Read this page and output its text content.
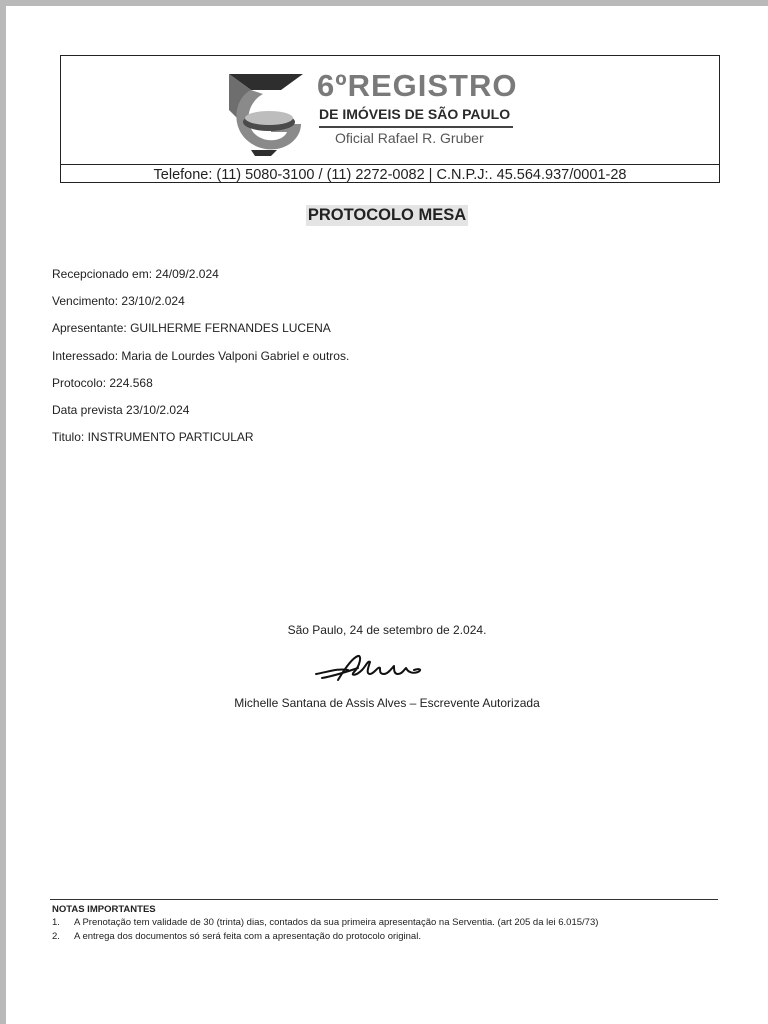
6ºREGISTRO
DE IMÓVEIS DE SÃO PAULO
Oficial Rafael R. Gruber
Telefone: (11) 5080-3100 / (11) 2272-0082 | C.N.P.J:. 45.564.937/0001-28
PROTOCOLO MESA
Recepcionado em: 24/09/2.024
Vencimento: 23/10/2.024
Apresentante: GUILHERME FERNANDES LUCENA
Interessado: Maria de Lourdes Valponi Gabriel e outros.
Protocolo: 224.568
Data prevista 23/10/2.024
Titulo: INSTRUMENTO PARTICULAR
São Paulo, 24 de setembro de 2.024.
Michelle Santana de Assis Alves – Escrevente Autorizada
NOTAS IMPORTANTES
1. A Prenotação tem validade de 30 (trinta) dias, contados da sua primeira apresentação na Serventia. (art 205 da lei 6.015/73)
2. A entrega dos documentos só será feita com a apresentação do protocolo original.
